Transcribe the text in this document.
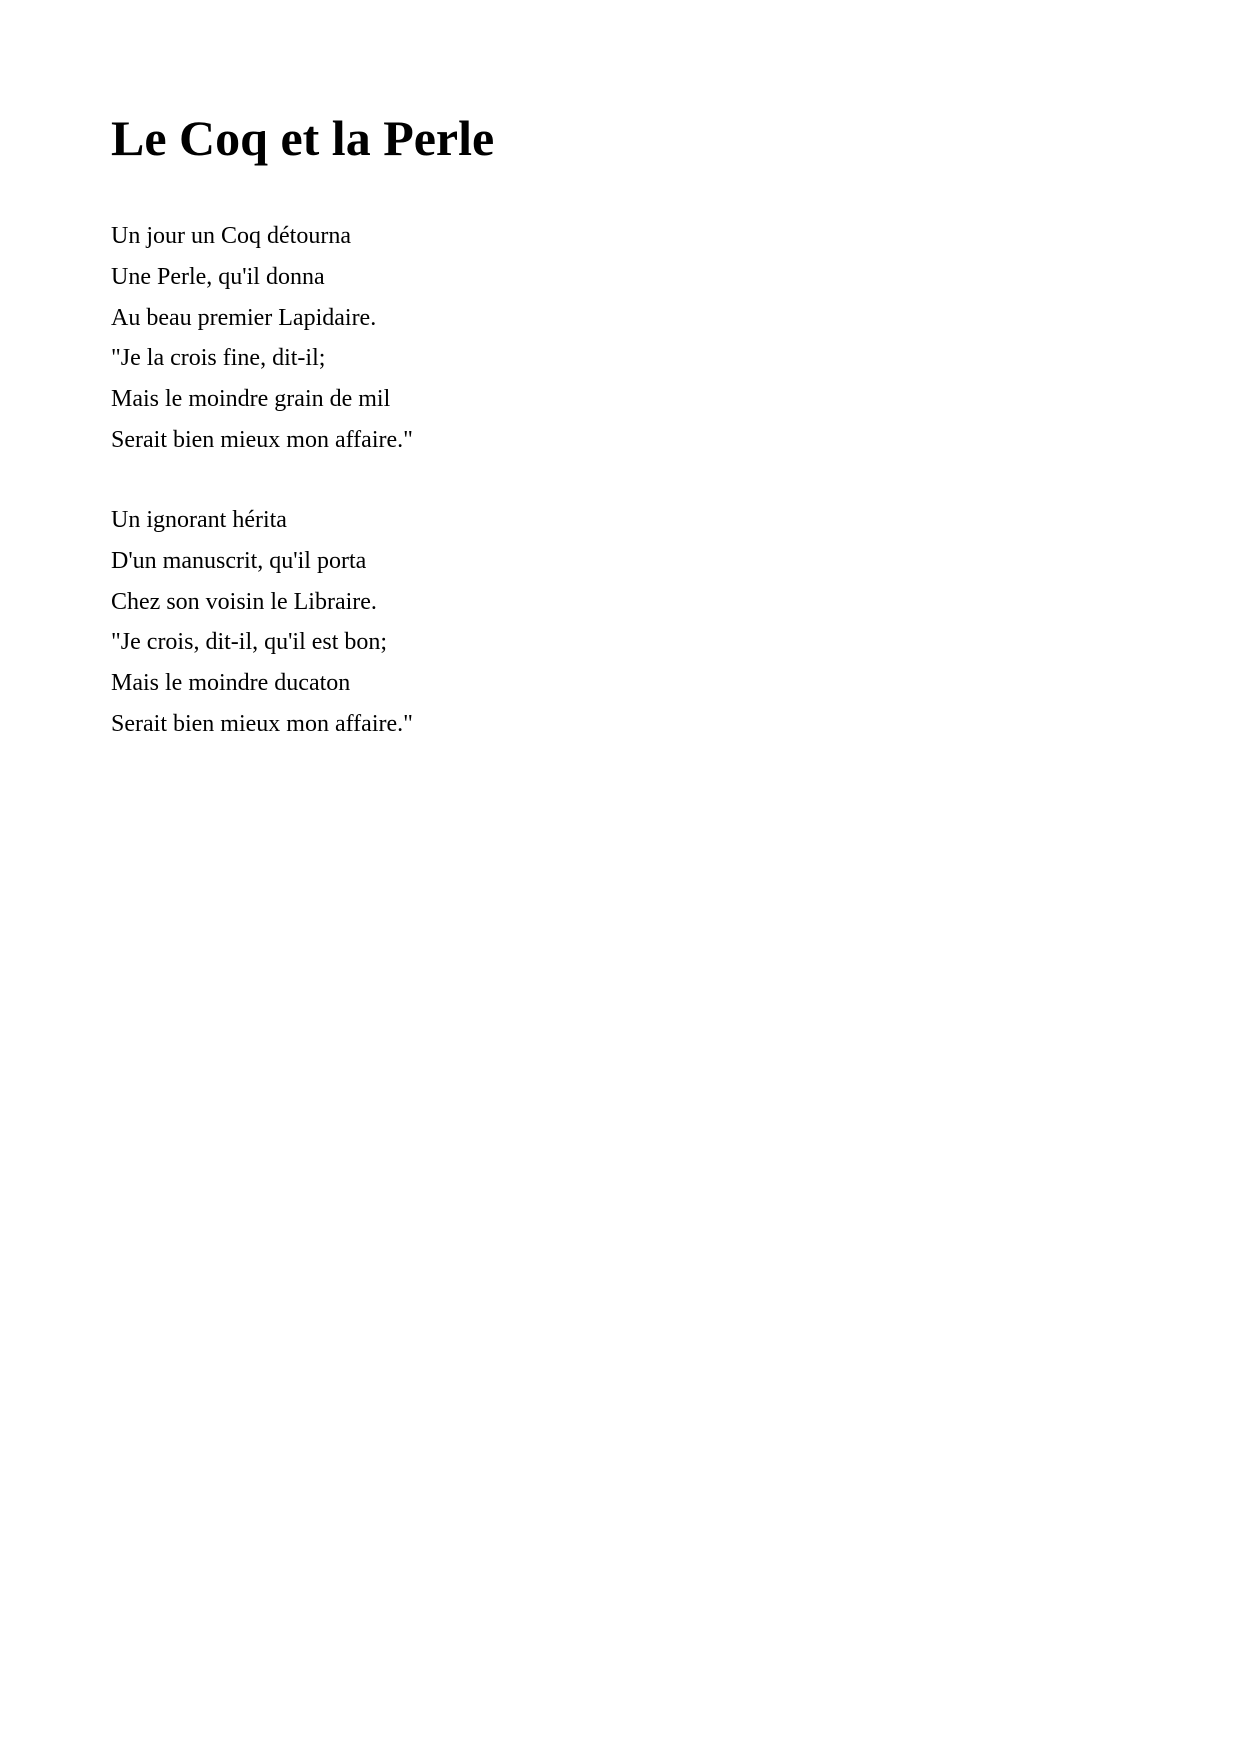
Le Coq et la Perle
Un jour un Coq détourna
Une Perle, qu'il donna
Au beau premier Lapidaire.
"Je la crois fine, dit-il;
Mais le moindre grain de mil
Serait bien mieux mon affaire."
Un ignorant hérita
D'un manuscrit, qu'il porta
Chez son voisin le Libraire.
"Je crois, dit-il, qu'il est bon;
Mais le moindre ducaton
Serait bien mieux mon affaire."
